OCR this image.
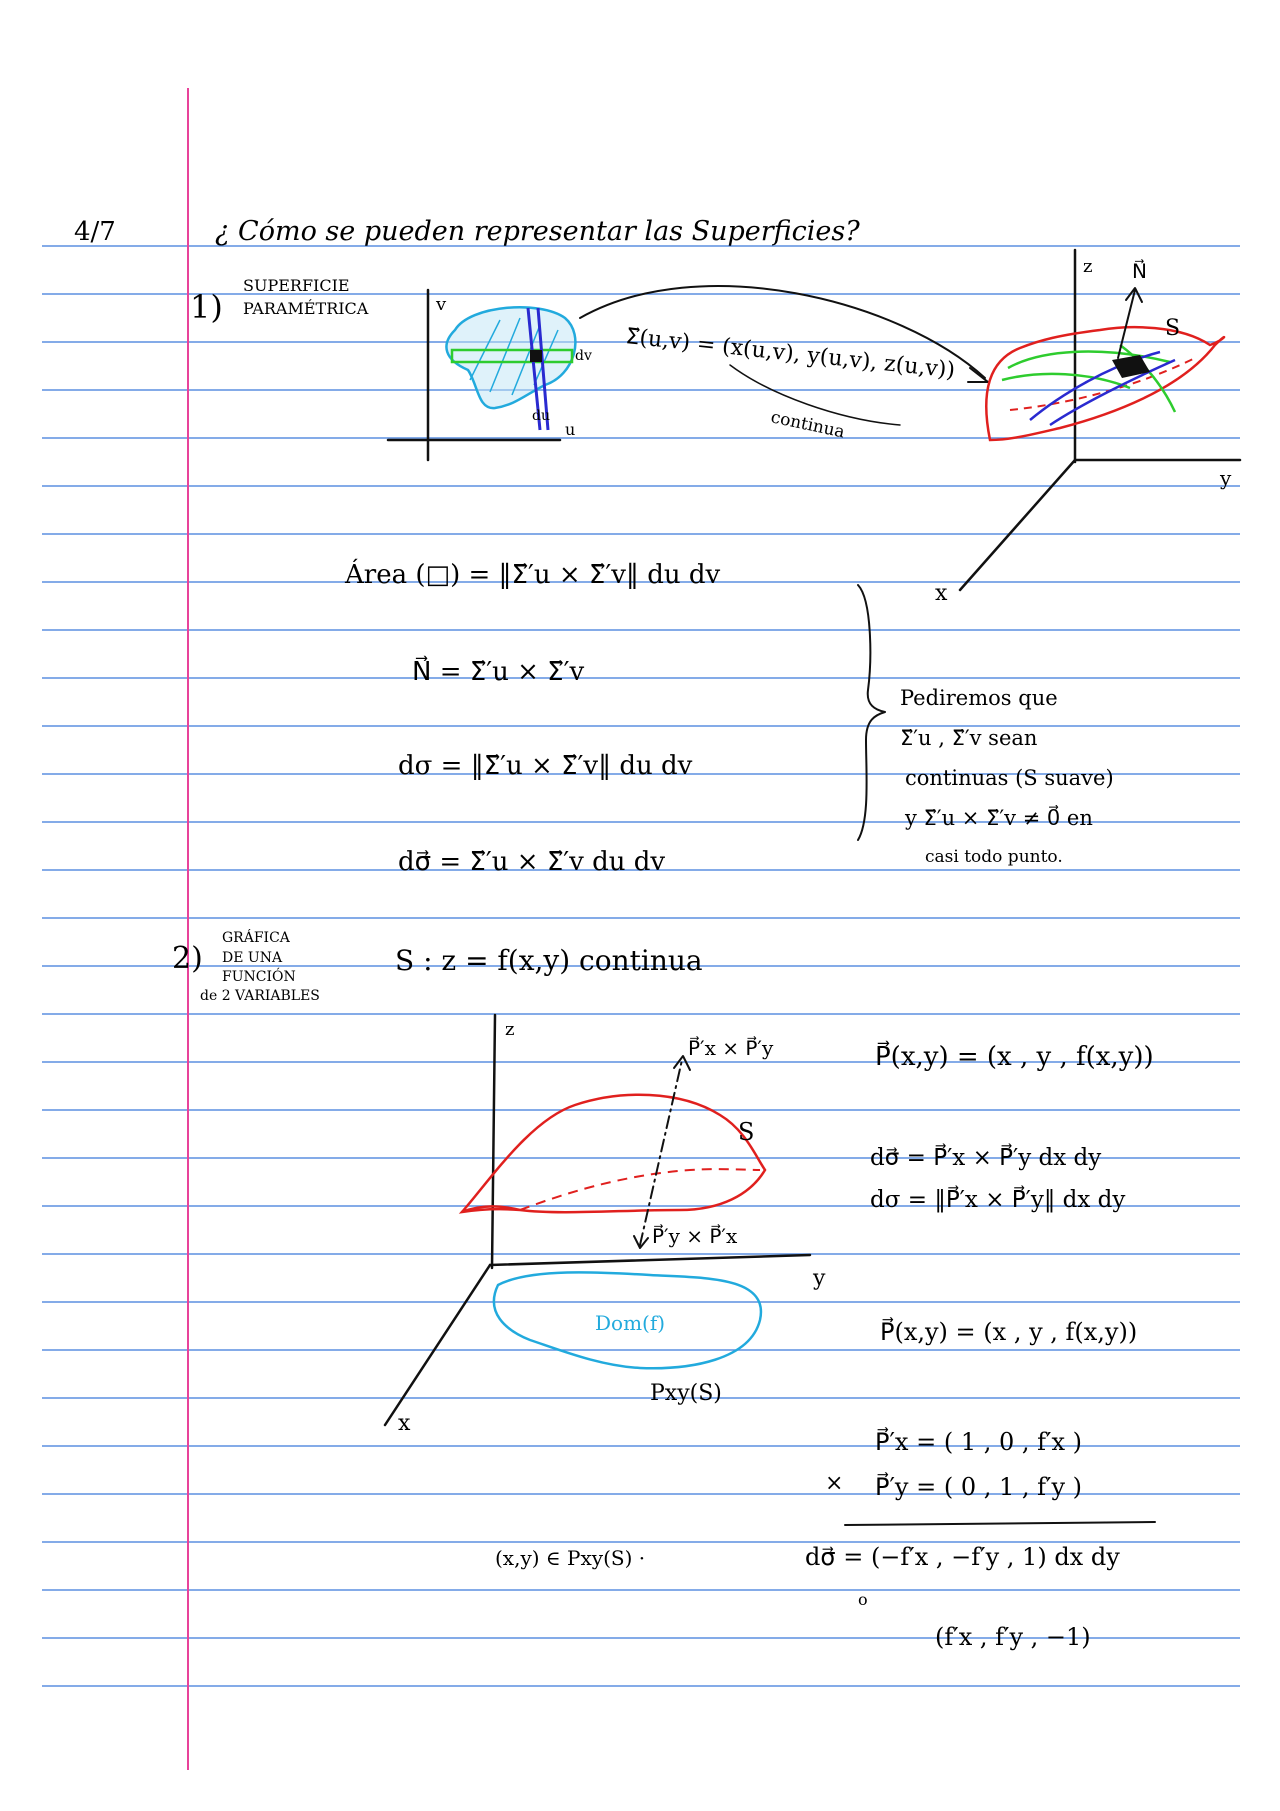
4/7	¿ Cómo se pueden representar las Superficies?
1)
SUPERFICIE
PARAMÉTRICA	v
u
du
dv Σ⃗(u,v) = (x(u,v), y(u,v), z(u,v))
continua
z
y
x
N⃗
S
Área (□) = ‖Σ⃗′u × Σ⃗′v‖ du dv
N⃗ = Σ⃗′u × Σ⃗′v
dσ = ‖Σ⃗′u × Σ⃗′v‖ du dv
dσ⃗ = Σ⃗′u × Σ⃗′v du dv
Pediremos que
Σ⃗′u , Σ⃗′v sean
continuas (S suave)
y Σ⃗′u × Σ⃗′v ≠ 0⃗ en
casi todo punto.
2)
GRÁFICA
DE UNA
FUNCIÓN
de 2 VARIABLES
S : z = f(x,y) continua
z
y
x
P⃗′x × P⃗′y
P⃗′y × P⃗′x
S
Dom(f)
Pxy(S)
P⃗(x,y) = (x , y , f(x,y))
dσ⃗ = P⃗′x × P⃗′y dx dy
dσ = ‖P⃗′x × P⃗′y‖ dx dy
P⃗(x,y) = (x , y , f(x,y))
P⃗′x = ( 1 , 0 , f′x )
× P⃗′y = ( 0 , 1 , f′y )
(x,y) ∈ Pxy(S) ·	dσ⃗ = (−f′x , −f′y , 1) dx dy
o
(f′x , f′y , −1)
